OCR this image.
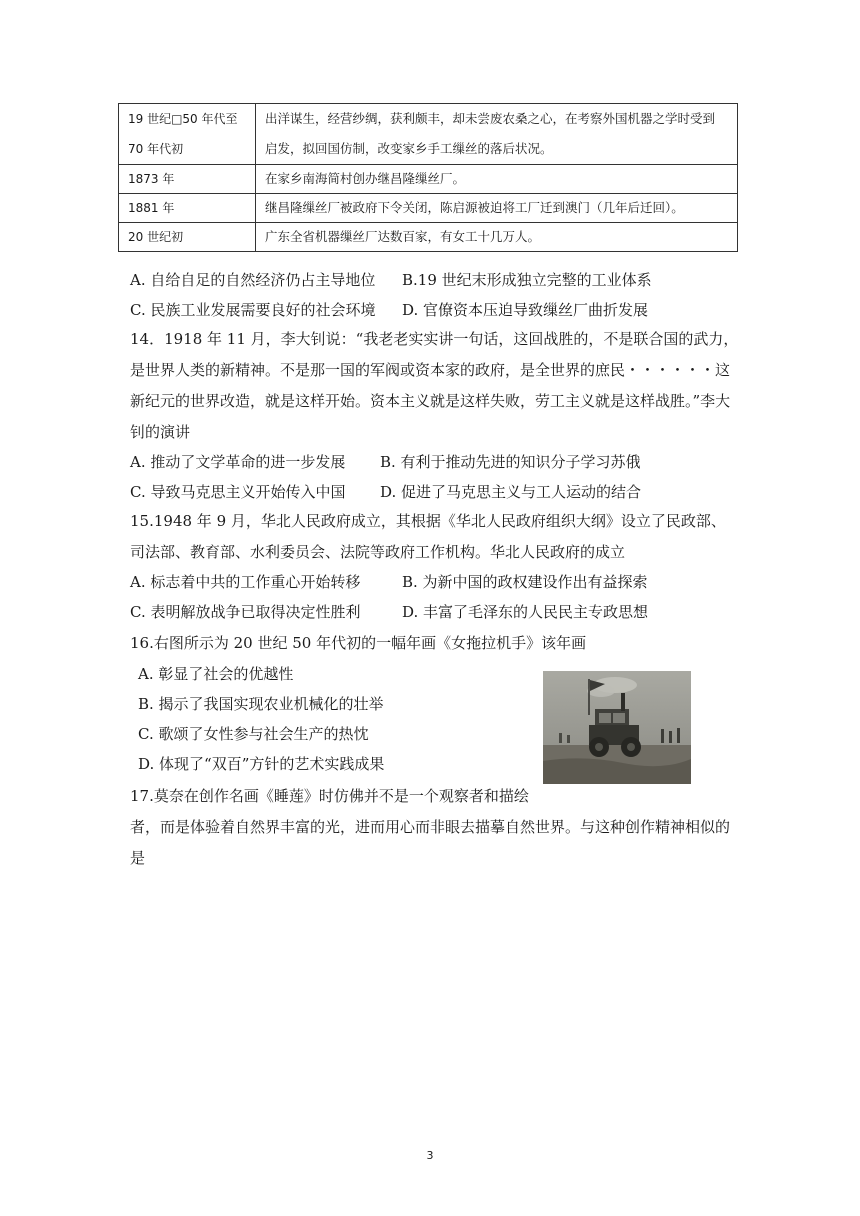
19 世纪□50 年代至
70 年代初	出洋谋生，经营纱绸，获利颇丰，却未尝废农桑之心，在考察外国机器之学时受到
启发，拟回国仿制，改变家乡手工缫丝的落后状况。

1873 年	在家乡南海简村创办继昌隆缫丝厂。
1881 年	继昌隆缫丝厂被政府下令关闭，陈启源被迫将工厂迁到澳门（几年后迁回）。
20 世纪初	广东全省机器缫丝厂达数百家，有女工十几万人。
A. 自给自足的自然经济仍占主导地位 B.19 世纪末形成独立完整的工业体系
C. 民族工业发展需要良好的社会环境 D. 官僚资本压迫导致缫丝厂曲折发展
14．1918 年 11 月，李大钊说：“我老老实实讲一句话，这回战胜的，不是联合国的武力，是世界人类的新精神。不是那一国的军阀或资本家的政府，是全世界的庶民・・・・・・这新纪元的世界改造，就是这样开始。资本主义就是这样失败，劳工主义就是这样战胜。”李大钊的演讲
A. 推动了文学革命的进一步发展 B. 有利于推动先进的知识分子学习苏俄
C. 导致马克思主义开始传入中国 D. 促进了马克思主义与工人运动的结合
15.1948 年 9 月，华北人民政府成立，其根据《华北人民政府组织大纲》设立了民政部、司法部、教育部、水利委员会、法院等政府工作机构。华北人民政府的成立
A. 标志着中共的工作重心开始转移	B. 为新中国的政权建设作出有益探索
C. 表明解放战争已取得决定性胜利	D. 丰富了毛泽东的人民民主专政思想
16.右图所示为 20 世纪 50 年代初的一幅年画《女拖拉机手》该年画
A. 彰显了社会的优越性
B. 揭示了我国实现农业机械化的壮举
C. 歌颂了女性参与社会生产的热忱
D. 体现了“双百”方针的艺术实践成果
17.莫奈在创作名画《睡莲》时仿佛并不是一个观察者和描绘
者，而是体验着自然界丰富的光，进而用心而非眼去描摹自然世界。与这种创作精神相似的是
3
